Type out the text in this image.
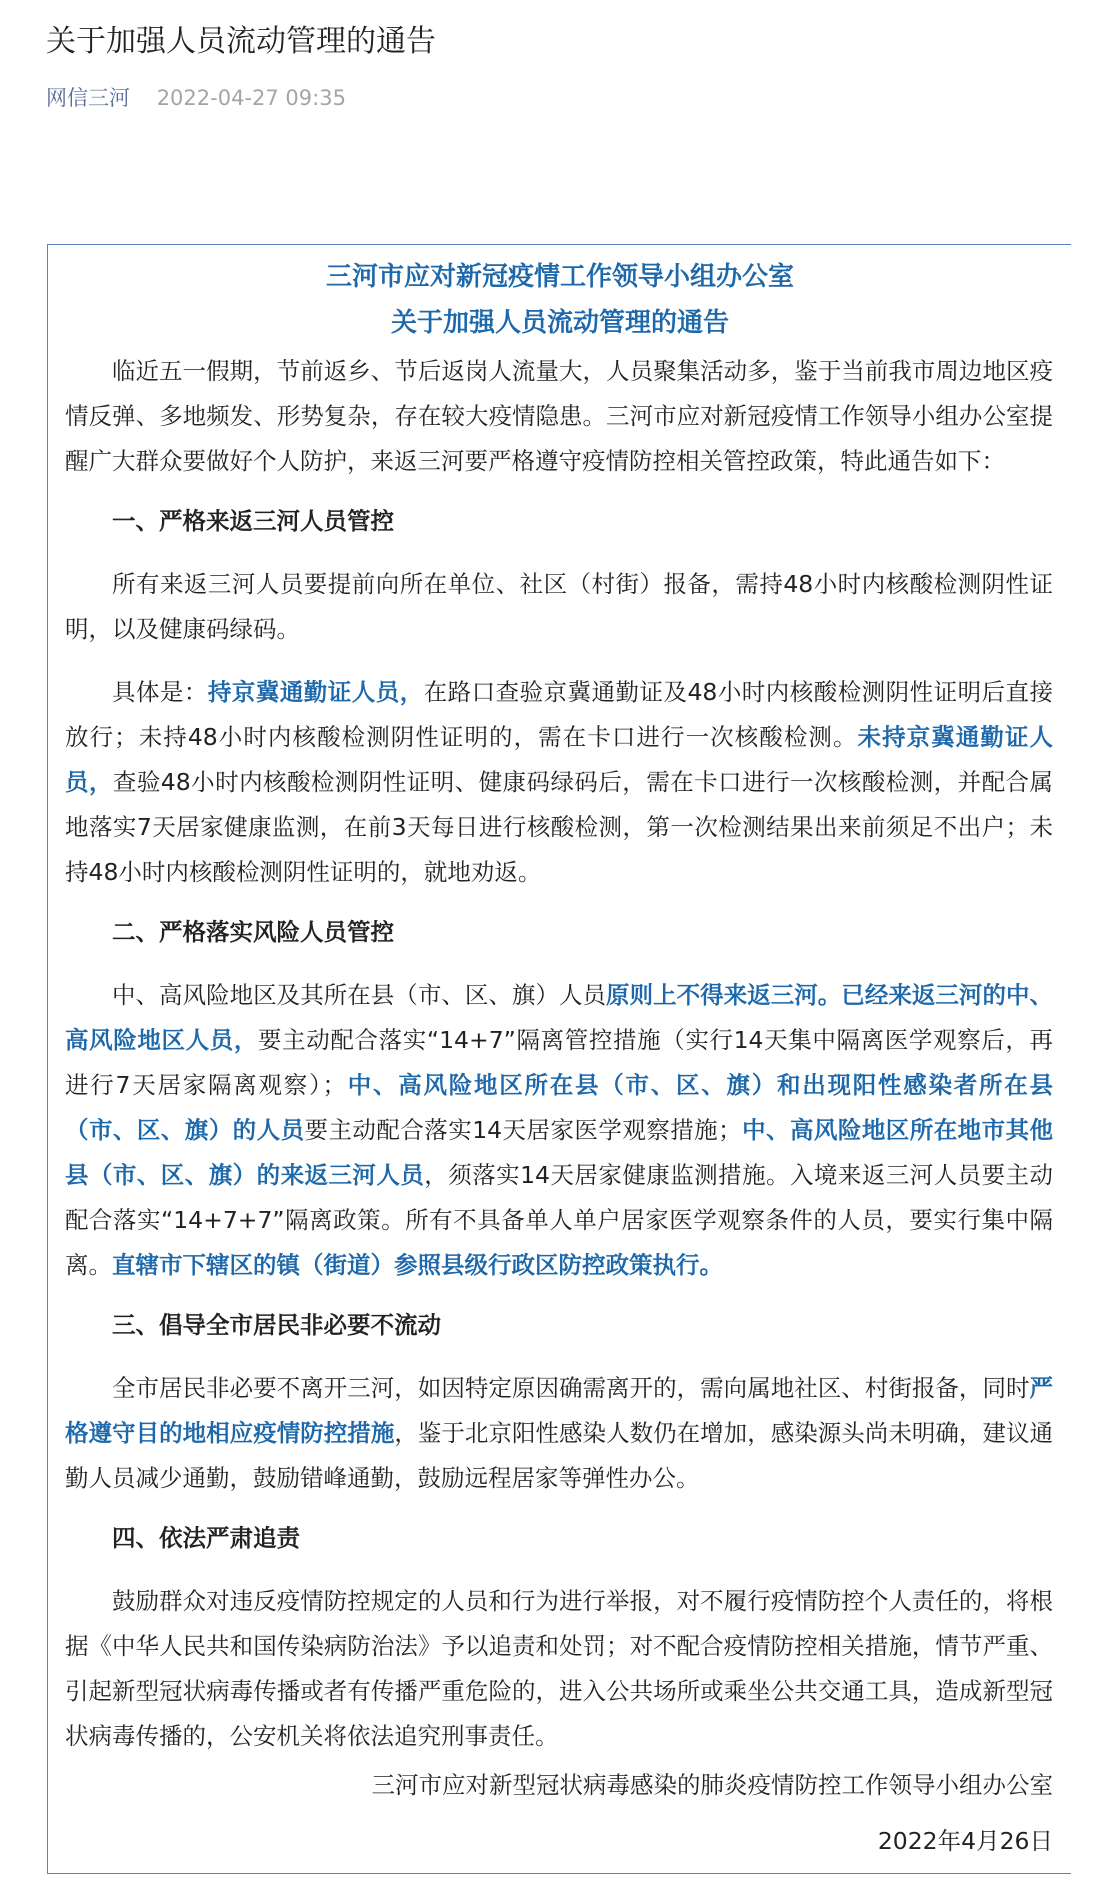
关于加强人员流动管理的通告
网信三河 2022-04-27 09:35
三河市应对新冠疫情工作领导小组办公室
关于加强人员流动管理的通告

临近五一假期，节前返乡、节后返岗人流量大，人员聚集活动多，鉴于当前我市周边地区疫情反弹、多地频发、形势复杂，存在较大疫情隐患。三河市应对新冠疫情工作领导小组办公室提醒广大群众要做好个人防护，来返三河要严格遵守疫情防控相关管控政策，特此通告如下：

一、严格来返三河人员管控

所有来返三河人员要提前向所在单位、社区（村街）报备，需持48小时内核酸检测阴性证明，以及健康码绿码。

具体是：持京冀通勤证人员，在路口查验京冀通勤证及48小时内核酸检测阴性证明后直接放行；未持48小时内核酸检测阴性证明的，需在卡口进行一次核酸检测。未持京冀通勤证人员，查验48小时内核酸检测阴性证明、健康码绿码后，需在卡口进行一次核酸检测，并配合属地落实7天居家健康监测，在前3天每日进行核酸检测，第一次检测结果出来前须足不出户；未持48小时内核酸检测阴性证明的，就地劝返。

二、严格落实风险人员管控

中、高风险地区及其所在县（市、区、旗）人员原则上不得来返三河。已经来返三河的中、高风险地区人员，要主动配合落实“14+7”隔离管控措施（实行14天集中隔离医学观察后，再进行7天居家隔离观察）；中、高风险地区所在县（市、区、旗）和出现阳性感染者所在县（市、区、旗）的人员要主动配合落实14天居家医学观察措施；中、高风险地区所在地市其他县（市、区、旗）的来返三河人员，须落实14天居家健康监测措施。入境来返三河人员要主动配合落实“14+7+7”隔离政策。所有不具备单人单户居家医学观察条件的人员，要实行集中隔离。直辖市下辖区的镇（街道）参照县级行政区防控政策执行。

三、倡导全市居民非必要不流动

全市居民非必要不离开三河，如因特定原因确需离开的，需向属地社区、村街报备，同时严格遵守目的地相应疫情防控措施，鉴于北京阳性感染人数仍在增加，感染源头尚未明确，建议通勤人员减少通勤，鼓励错峰通勤，鼓励远程居家等弹性办公。

四、依法严肃追责

鼓励群众对违反疫情防控规定的人员和行为进行举报，对不履行疫情防控个人责任的，将根据《中华人民共和国传染病防治法》予以追责和处罚；对不配合疫情防控相关措施，情节严重、引起新型冠状病毒传播或者有传播严重危险的，进入公共场所或乘坐公共交通工具，造成新型冠状病毒传播的，公安机关将依法追究刑事责任。

三河市应对新型冠状病毒感染的肺炎疫情防控工作领导小组办公室
2022年4月26日
